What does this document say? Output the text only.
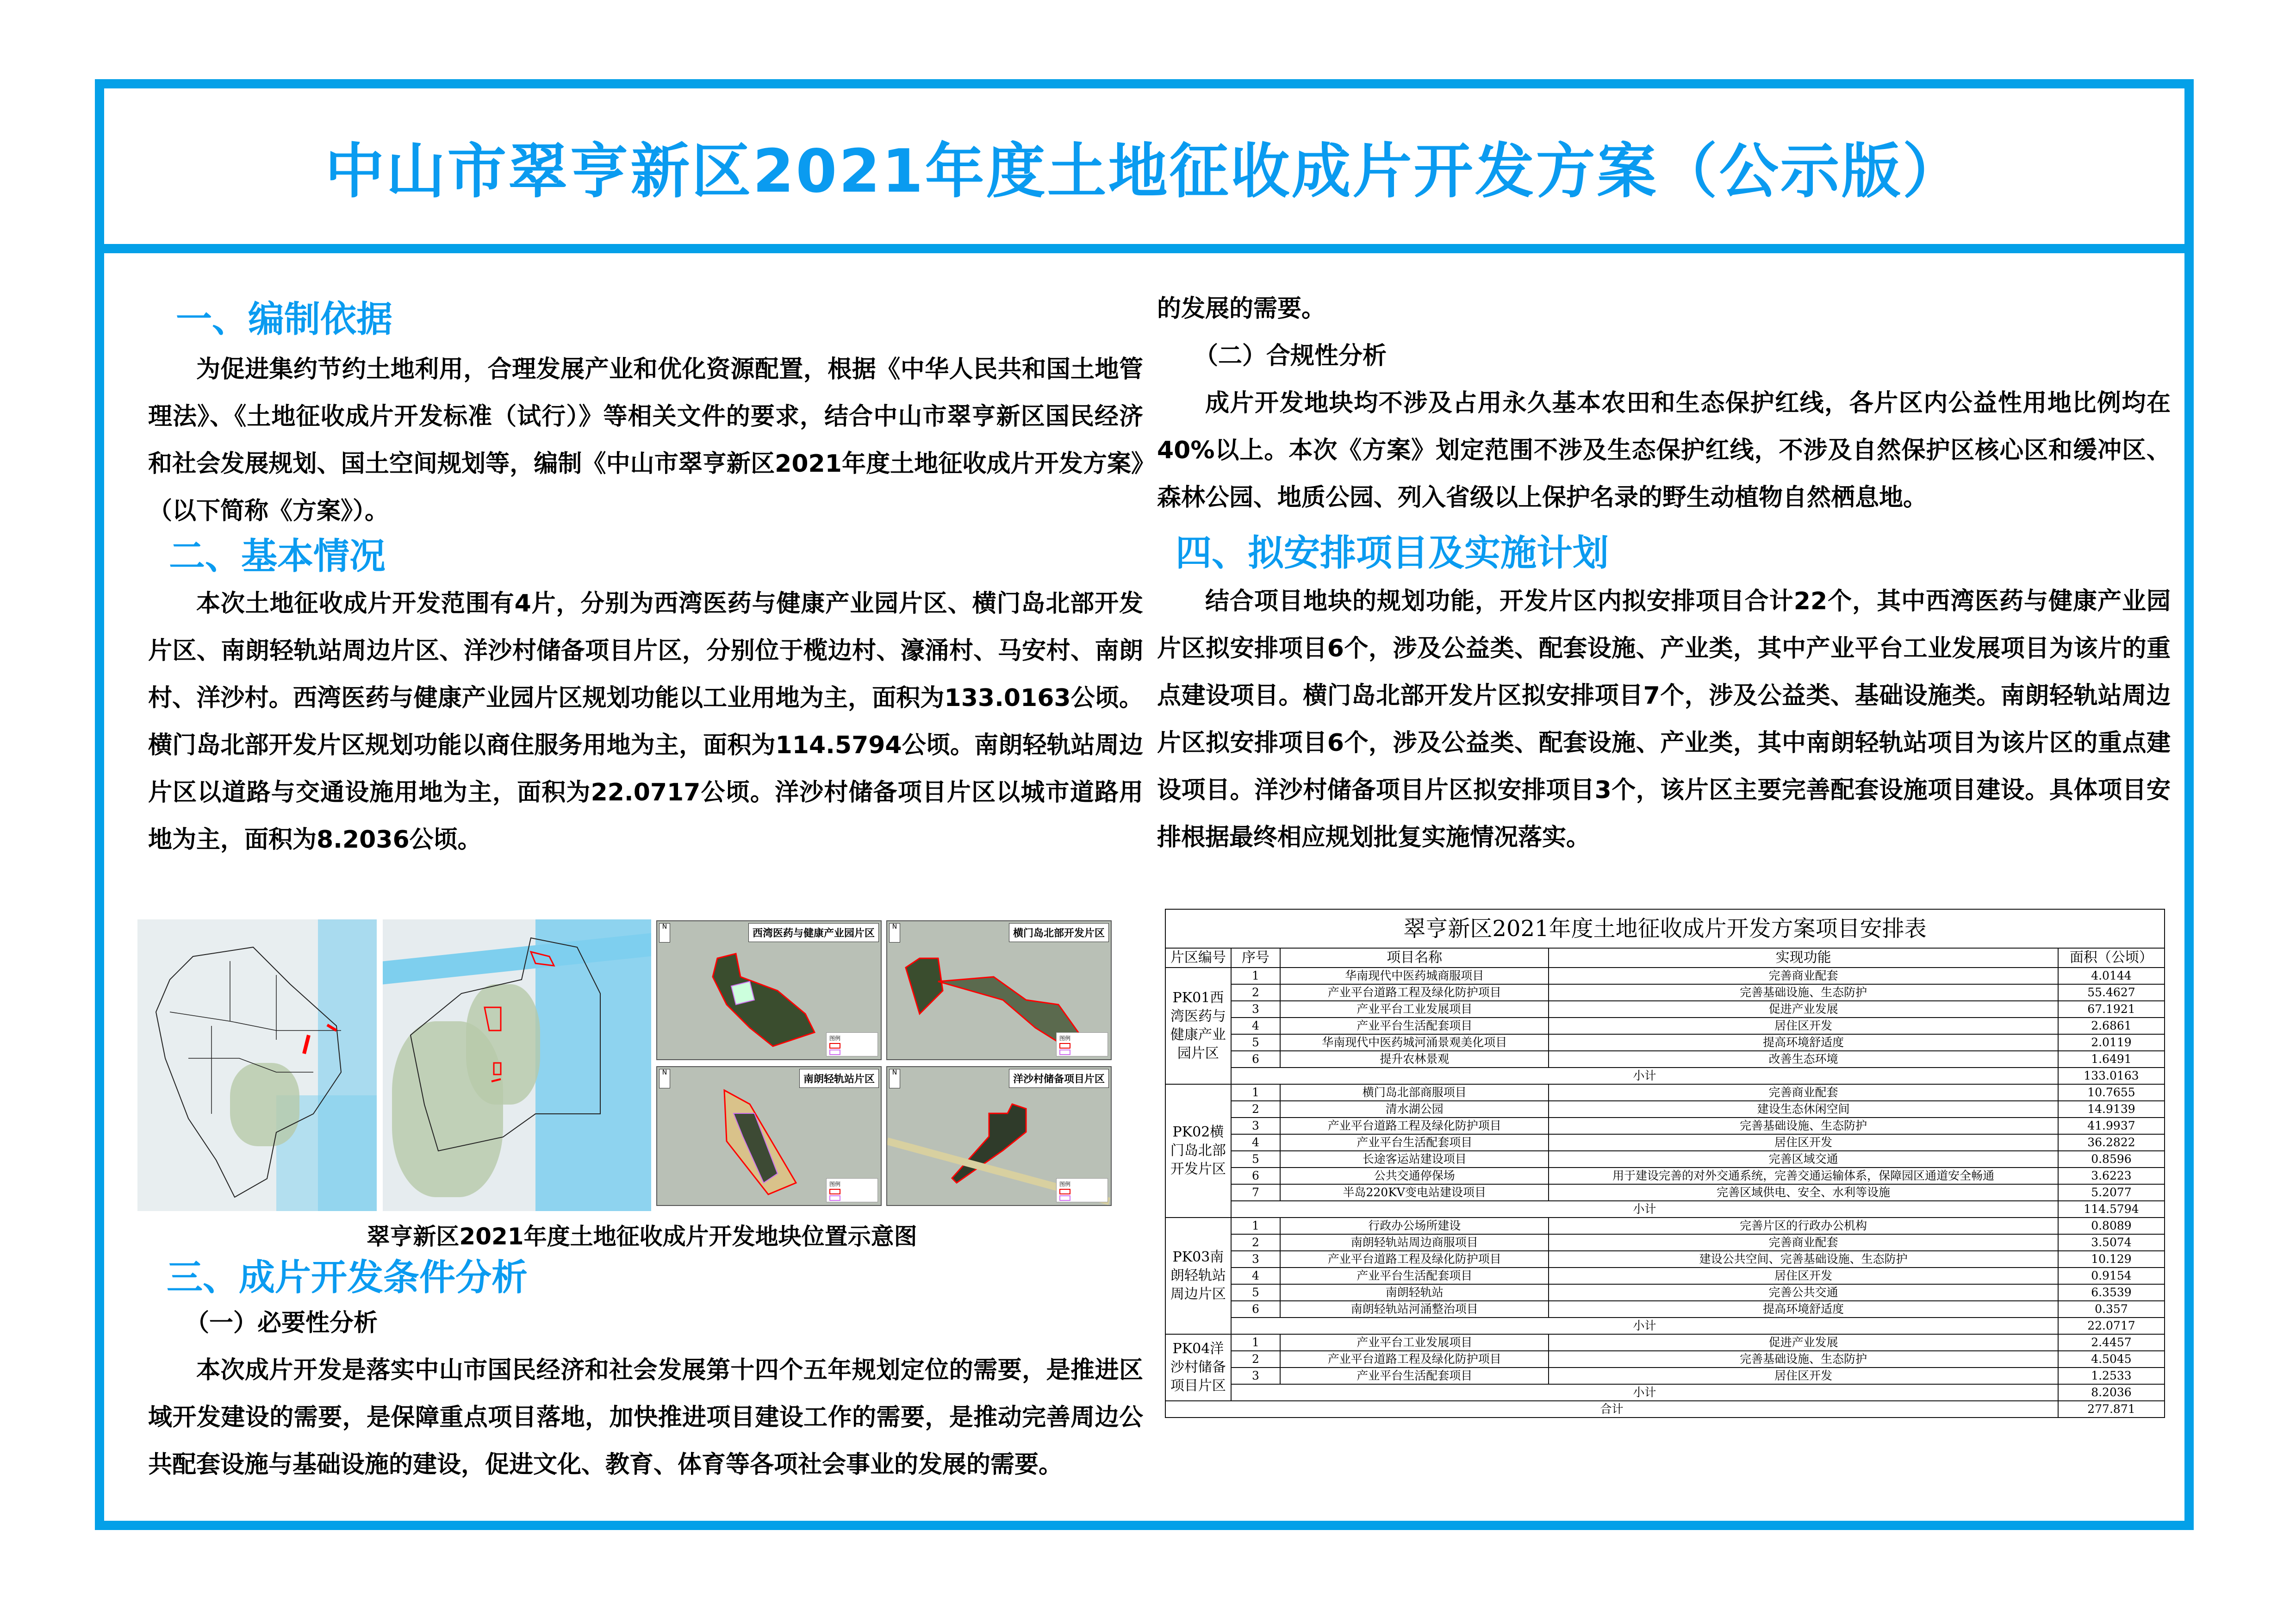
中山市翠亨新区2021年度土地征收成片开发方案（公示版）
一、编制依据

为促进集约节约土地利用，合理发展产业和优化资源配置，根据《中华人民共和国土地管理法》、《土地征收成片开发标准（试行）》等相关文件的要求，结合中山市翠亨新区国民经济和社会发展规划、国土空间规划等，编制《中山市翠亨新区2021年度土地征收成片开发方案》（以下简称《方案》）。

二、基本情况

本次土地征收成片开发范围有4片，分别为西湾医药与健康产业园片区、横门岛北部开发片区、南朗轻轨站周边片区、洋沙村储备项目片区，分别位于榄边村、濠涌村、马安村、南朗村、洋沙村。西湾医药与健康产业园片区规划功能以工业用地为主，面积为133.0163公顷。横门岛北部开发片区规划功能以商住服务用地为主，面积为114.5794公顷。南朗轻轨站周边片区以道路与交通设施用地为主，面积为22.0717公顷。洋沙村储备项目片区以城市道路用地为主，面积为8.2036公顷。

N
西湾医药与健康产业园片区
图例
N
横门岛北部开发片区
图例
N
南朗轻轨站片区
图例
N
洋沙村储备项目片区
图例
翠亨新区2021年度土地征收成片开发地块位置示意图
三、成片开发条件分析

（一）必要性分析

本次成片开发是落实中山市国民经济和社会发展第十四个五年规划定位的需要，是推进区域开发建设的需要，是保障重点项目落地，加快推进项目建设工作的需要，是推动完善周边公共配套设施与基础设施的建设，促进文化、教育、体育等各项社会事业的发展的需要。

的发展的需要。

（二）合规性分析

成片开发地块均不涉及占用永久基本农田和生态保护红线，各片区内公益性用地比例均在40%以上。本次《方案》划定范围不涉及生态保护红线，不涉及自然保护区核心区和缓冲区、森林公园、地质公园、列入省级以上保护名录的野生动植物自然栖息地。

四、拟安排项目及实施计划

结合项目地块的规划功能，开发片区内拟安排项目合计22个，其中西湾医药与健康产业园片区拟安排项目6个，涉及公益类、配套设施、产业类，其中产业平台工业发展项目为该片的重点建设项目。横门岛北部开发片区拟安排项目7个，涉及公益类、基础设施类。南朗轻轨站周边片区拟安排项目6个，涉及公益类、配套设施、产业类，其中南朗轻轨站项目为该片区的重点建设项目。洋沙村储备项目片区拟安排项目3个，该片区主要完善配套设施项目建设。具体项目安排根据最终相应规划批复实施情况落实。

翠亨新区2021年度土地征收成片开发方案项目安排表				
片区编号	序号	项目名称	实现功能	面积（公顷）
PK01西湾医药与健康产业园片区	1	华南现代中医药城商服项目	完善商业配套	4.0144
	2	产业平台道路工程及绿化防护项目	完善基础设施、生态防护	55.4627
	3	产业平台工业发展项目	促进产业发展	67.1921
	4	产业平台生活配套项目	居住区开发	2.6861
	5	华南现代中医药城河涌景观美化项目	提高环境舒适度	2.0119
	6	提升农林景观	改善生态环境	1.6491
	小计			133.0163
PK02横门岛北部开发片区	1	横门岛北部商服项目	完善商业配套	10.7655
	2	清水湖公园	建设生态休闲空间	14.9139
	3	产业平台道路工程及绿化防护项目	完善基础设施、生态防护	41.9937
	4	产业平台生活配套项目	居住区开发	36.2822
	5	长途客运站建设项目	完善区域交通	0.8596
	6	公共交通停保场	用于建设完善的对外交通系统，完善交通运输体系，保障园区通道安全畅通	3.6223
	7	半岛220KV变电站建设项目	完善区域供电、安全、水利等设施	5.2077
	小计			114.5794
PK03南朗轻轨站周边片区	1	行政办公场所建设	完善片区的行政办公机构	0.8089
	2	南朗轻轨站周边商服项目	完善商业配套	3.5074
	3	产业平台道路工程及绿化防护项目	建设公共空间、完善基础设施、生态防护	10.129
	4	产业平台生活配套项目	居住区开发	0.9154
	5	南朗轻轨站	完善公共交通	6.3539
	6	南朗轻轨站河涌整治项目	提高环境舒适度	0.357
	小计			22.0717
PK04洋沙村储备项目片区	1	产业平台工业发展项目	促进产业发展	2.4457
	2	产业平台道路工程及绿化防护项目	完善基础设施、生态防护	4.5045
	3	产业平台生活配套项目	居住区开发	1.2533
	小计			8.2036
合计				277.871
